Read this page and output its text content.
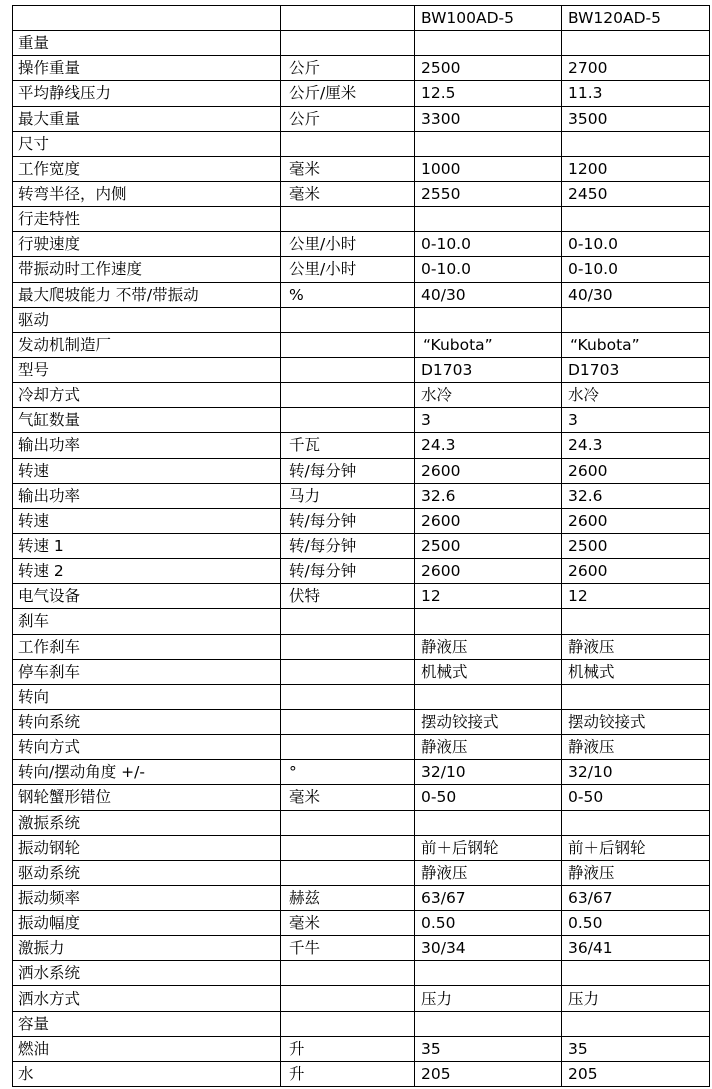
		BW100AD-5	BW120AD-5
重量			
操作重量	公斤	2500	2700
平均静线压力	公斤/厘米	12.5	11.3
最大重量	公斤	3300	3500
尺寸			
工作宽度	毫米	1000	1200
转弯半径，内侧	毫米	2550	2450
行走特性			
行驶速度	公里/小时	0-10.0	0-10.0
带振动时工作速度	公里/小时	0-10.0	0-10.0
最大爬坡能力 不带/带振动	%	40/30	40/30
驱动			
发动机制造厂		“Kubota”	“Kubota”
型号		D1703	D1703
冷却方式		水冷	水冷
气缸数量		3	3
输出功率	千瓦	24.3	24.3
转速	转/每分钟	2600	2600
输出功率	马力	32.6	32.6
转速	转/每分钟	2600	2600
转速 1	转/每分钟	2500	2500
转速 2	转/每分钟	2600	2600
电气设备	伏特	12	12
刹车			
工作刹车		静液压	静液压
停车刹车		机械式	机械式
转向			
转向系统		摆动铰接式	摆动铰接式
转向方式		静液压	静液压
转向/摆动角度 +/-	°	32/10	32/10
钢轮蟹形错位	毫米	0-50	0-50
激振系统			
振动钢轮		前＋后钢轮	前＋后钢轮
驱动系统		静液压	静液压
振动频率	赫兹	63/67	63/67
振动幅度	毫米	0.50	0.50
激振力	千牛	30/34	36/41
洒水系统			
洒水方式		压力	压力
容量			
燃油	升	35	35
水	升	205	205
